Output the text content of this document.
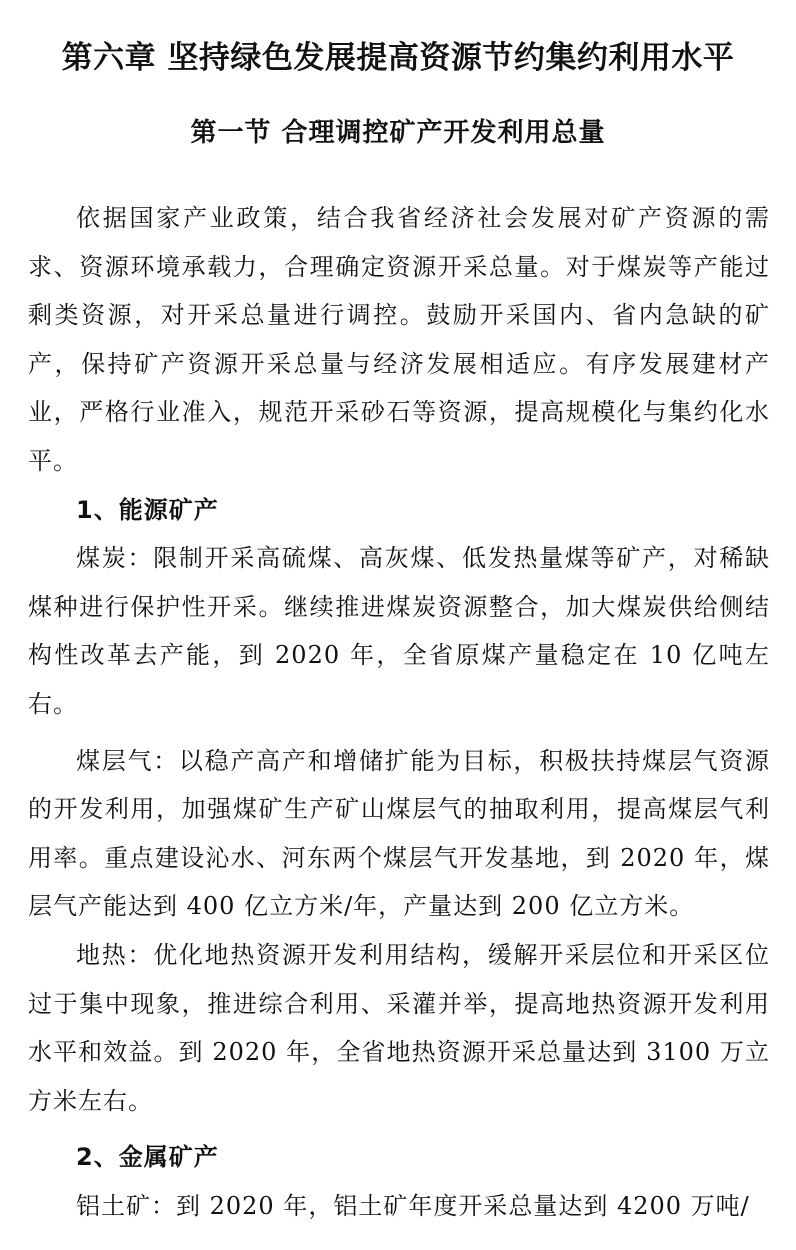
第六章 坚持绿色发展提高资源节约集约利用水平
第一节 合理调控矿产开发利用总量

依据国家产业政策，结合我省经济社会发展对矿产资源的需求、资源环境承载力，合理确定资源开采总量。对于煤炭等产能过剩类资源，对开采总量进行调控。鼓励开采国内、省内急缺的矿产，保持矿产资源开采总量与经济发展相适应。有序发展建材产业，严格行业准入，规范开采砂石等资源，提高规模化与集约化水平。

1、能源矿产

煤炭：限制开采高硫煤、高灰煤、低发热量煤等矿产，对稀缺煤种进行保护性开采。继续推进煤炭资源整合，加大煤炭供给侧结构性改革去产能，到 2020 年，全省原煤产量稳定在 10 亿吨左右。

煤层气：以稳产高产和增储扩能为目标，积极扶持煤层气资源的开发利用，加强煤矿生产矿山煤层气的抽取利用，提高煤层气利用率。重点建设沁水、河东两个煤层气开发基地，到 2020 年，煤层气产能达到 400 亿立方米/年，产量达到 200 亿立方米。

地热：优化地热资源开发利用结构，缓解开采层位和开采区位过于集中现象，推进综合利用、采灌并举，提高地热资源开发利用水平和效益。到 2020 年，全省地热资源开采总量达到 3100 万立方米左右。

2、金属矿产

铝土矿：到 2020 年，铝土矿年度开采总量达到 4200 万吨/
